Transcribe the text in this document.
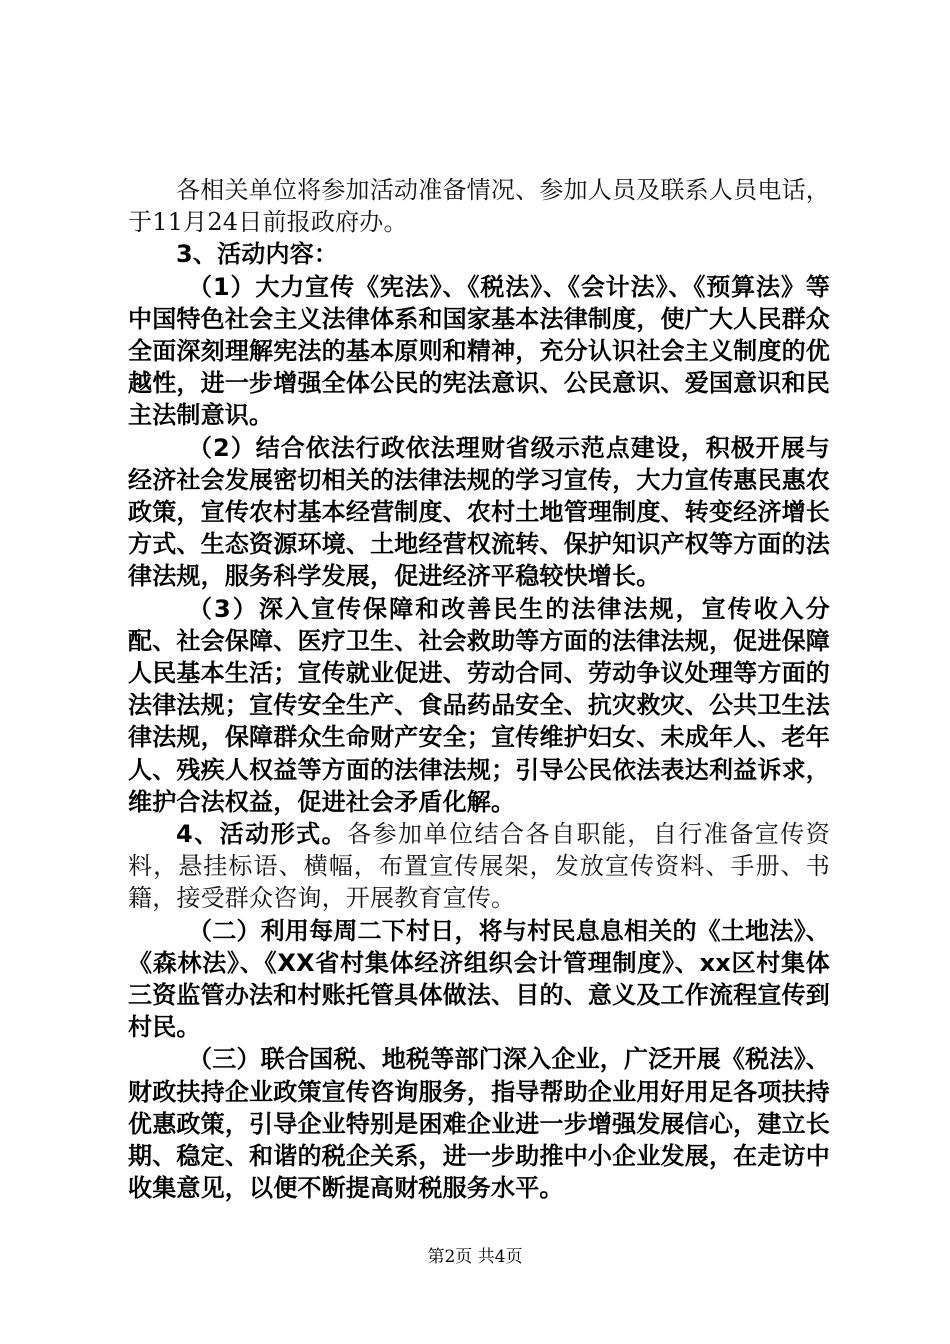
各相关单位将参加活动准备情况、参加人员及联系人员电话，于11月24日前报政府办。

3、活动内容：

（1）大力宣传《宪法》、《税法》、《会计法》、《预算法》等中国特色社会主义法律体系和国家基本法律制度，使广大人民群众全面深刻理解宪法的基本原则和精神，充分认识社会主义制度的优越性，进一步增强全体公民的宪法意识、公民意识、爱国意识和民主法制意识。

（2）结合依法行政依法理财省级示范点建设，积极开展与经济社会发展密切相关的法律法规的学习宣传，大力宣传惠民惠农政策，宣传农村基本经营制度、农村土地管理制度、转变经济增长方式、生态资源环境、土地经营权流转、保护知识产权等方面的法律法规，服务科学发展，促进经济平稳较快增长。

（3）深入宣传保障和改善民生的法律法规，宣传收入分配、社会保障、医疗卫生、社会救助等方面的法律法规，促进保障人民基本生活；宣传就业促进、劳动合同、劳动争议处理等方面的法律法规；宣传安全生产、食品药品安全、抗灾救灾、公共卫生法律法规，保障群众生命财产安全；宣传维护妇女、未成年人、老年人、残疾人权益等方面的法律法规；引导公民依法表达利益诉求，维护合法权益，促进社会矛盾化解。

4、活动形式。各参加单位结合各自职能，自行准备宣传资料，悬挂标语、横幅，布置宣传展架，发放宣传资料、手册、书籍，接受群众咨询，开展教育宣传。

（二）利用每周二下村日，将与村民息息相关的《土地法》、《森林法》、《XX省村集体经济组织会计管理制度》、xx区村集体三资监管办法和村账托管具体做法、目的、意义及工作流程宣传到村民。

（三）联合国税、地税等部门深入企业，广泛开展《税法》、财政扶持企业政策宣传咨询服务，指导帮助企业用好用足各项扶持优惠政策，引导企业特别是困难企业进一步增强发展信心，建立长期、稳定、和谐的税企关系，进一步助推中小企业发展，在走访中收集意见，以便不断提高财税服务水平。

第2页 共4页
